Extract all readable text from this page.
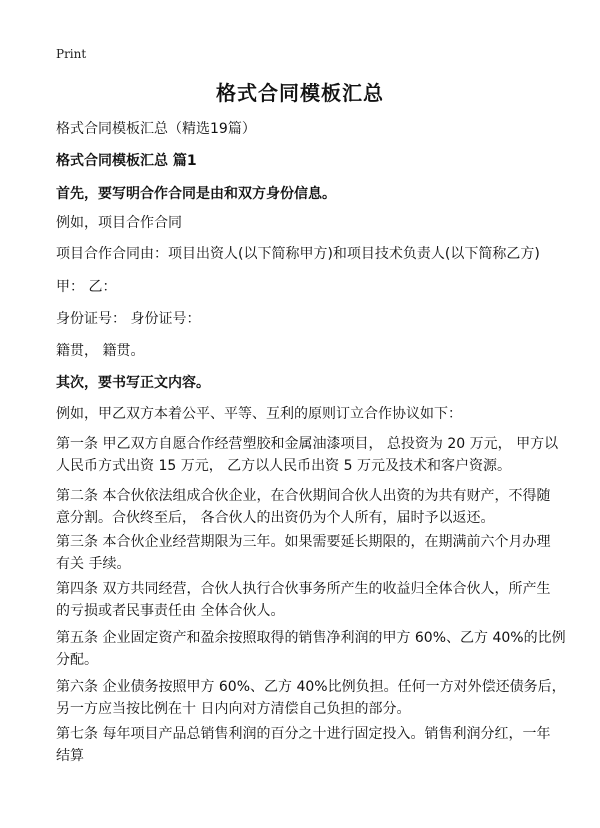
Print
格式合同模板汇总

格式合同模板汇总（精选19篇）

格式合同模板汇总 篇1

首先，要写明合作合同是由和双方身份信息。

例如，项目合作合同

项目合作合同由：项目出资人(以下简称甲方)和项目技术负责人(以下简称乙方)

甲： 乙：

身份证号： 身份证号：

籍贯， 籍贯。

其次，要书写正文内容。

例如，甲乙双方本着公平、平等、互利的原则订立合作协议如下：

第一条 甲乙双方自愿合作经营塑胶和金属油漆项目， 总投资为 20 万元， 甲方以
人民币方式出资 15 万元， 乙方以人民币出资 5 万元及技术和客户资源。

第二条 本合伙依法组成合伙企业，在合伙期间合伙人出资的为共有财产，不得随
意分割。合伙终至后， 各合伙人的出资仍为个人所有，届时予以返还。

第三条 本合伙企业经营期限为三年。如果需要延长期限的，在期满前六个月办理
有关 手续。

第四条 双方共同经营，合伙人执行合伙事务所产生的收益归全体合伙人，所产生
的亏损或者民事责任由 全体合伙人。

第五条 企业固定资产和盈余按照取得的销售净利润的甲方 60%、乙方 40%的比例
分配。

第六条 企业债务按照甲方 60%、乙方 40%比例负担。任何一方对外偿还债务后，
另一方应当按比例在十 日内向对方清偿自己负担的部分。

第七条 每年项目产品总销售利润的百分之十进行固定投入。销售利润分红，一年
结算
